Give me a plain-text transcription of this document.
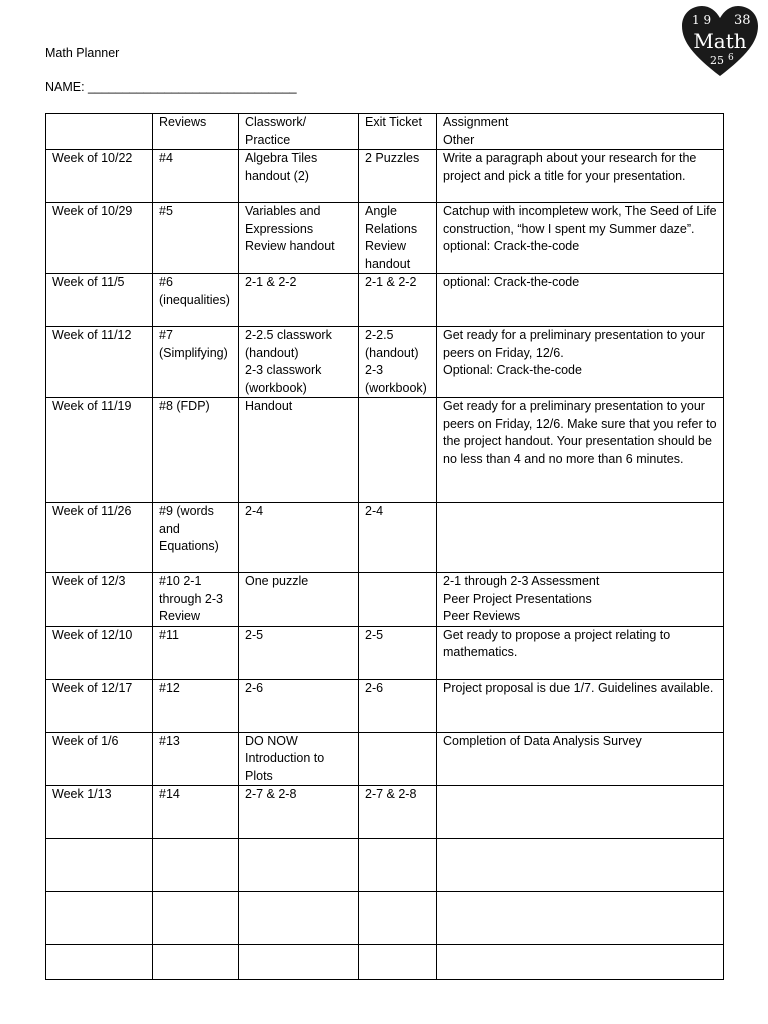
Math Planner
NAME: ______________________________
1 9 38
Math
25 6
	Reviews	Classwork/
Practice	Exit Ticket	Assignment
Other
Week of 10/22	#4	Algebra Tiles
handout (2)	2 Puzzles	Write a paragraph about your research for the project and pick a title for your presentation.
Week of 10/29	#5	Variables and
Expressions
Review handout	Angle
Relations
Review
handout	Catchup with incompletew work, The Seed of Life construction, “how I spent my Summer daze”.
optional: Crack-the-code
Week of 11/5	#6
(inequalities)	2-1 & 2-2	2-1 & 2-2	optional: Crack-the-code
Week of 11/12	#7
(Simplifying)	2-2.5 classwork
(handout)
2-3 classwork
(workbook)	2-2.5
(handout)
2-3
(workbook)	Get ready for a preliminary presentation to your peers on Friday, 12/6.
Optional: Crack-the-code
Week of 11/19	#8 (FDP)	Handout		Get ready for a preliminary presentation to your peers on Friday, 12/6. Make sure that you refer to the project handout. Your presentation should be no less than 4 and no more than 6 minutes.
Week of 11/26	#9 (words
and
Equations)	2-4	2-4	
Week of 12/3	#10 2-1
through 2-3
Review	One puzzle		2-1 through 2-3 Assessment
Peer Project Presentations
Peer Reviews
Week of 12/10	#11	2-5	2-5	Get ready to propose a project relating to mathematics.
Week of 12/17	#12	2-6	2-6	Project proposal is due 1/7. Guidelines available.
Week of 1/6	#13	DO NOW
Introduction to
Plots		Completion of Data Analysis Survey
Week 1/13	#14	2-7 & 2-8	2-7 & 2-8	
